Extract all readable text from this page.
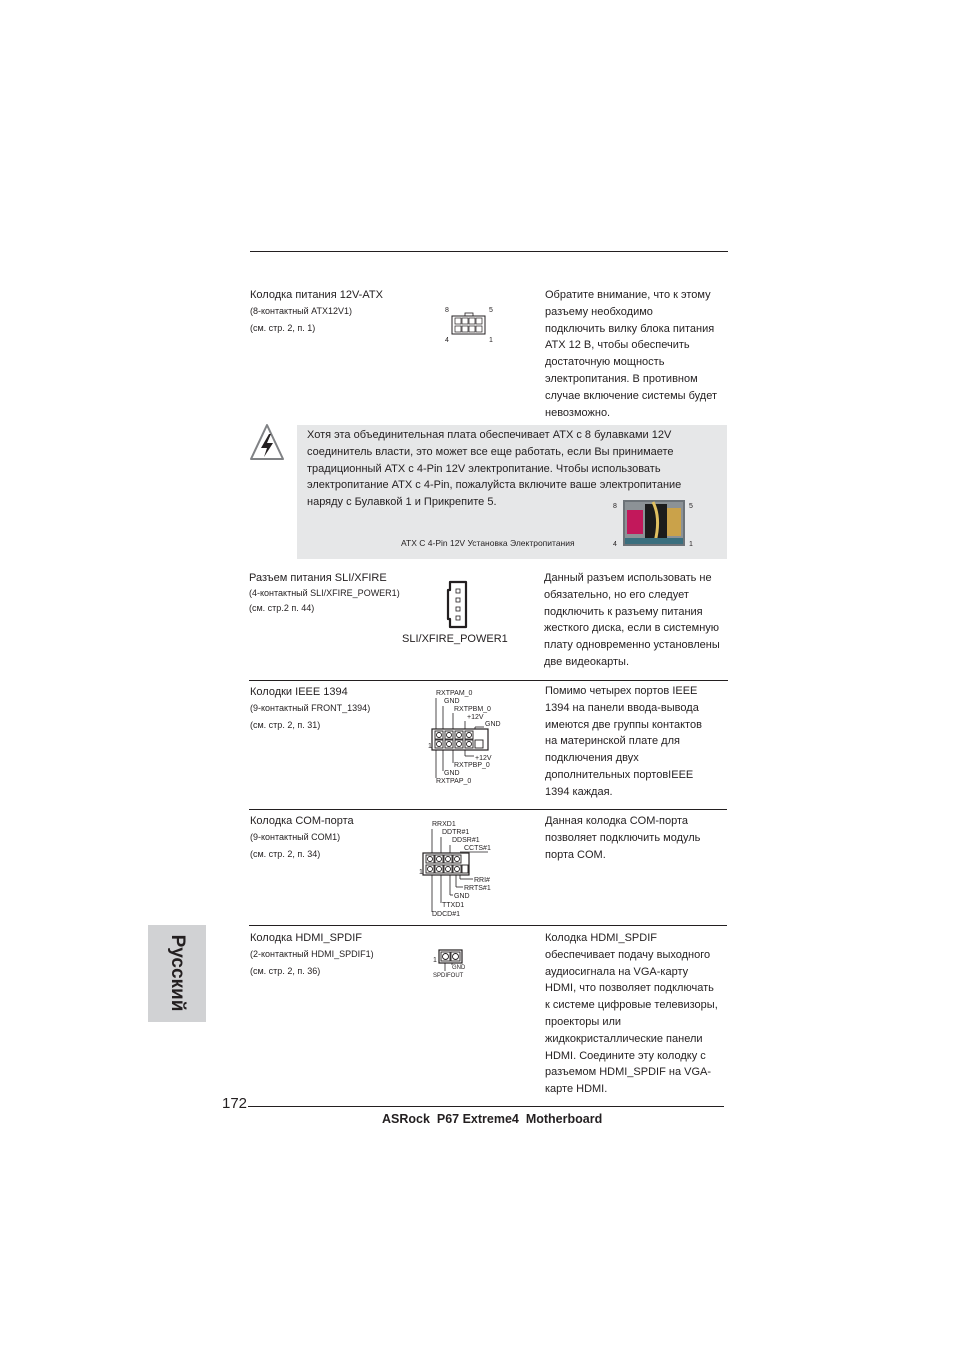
Колодка питания 12V-ATX
(8-контактный ATX12V1)
(см. стр. 2, п. 1)
8	5
4	1
Обратите внимание, что к этому
разъему необходимо
подключить вилку блока питания
ATX 12 В, чтобы обеспечить
достаточную мощность
электропитания. В противном
случае включение системы будет
невозможно.
Хотя эта объединительная плата обеспечивает ATX с 8 булавками 12V
соединитель власти, это может все еще работать, если Вы принимаете
традиционный ATX с 4-Pin 12V электропитание. Чтобы использовать
электропитание ATX с 4-Pin, пожалуйста включите ваше электропитание
наряду с Булавкой 1 и Прикрепите 5.
ATX С 4-Pin 12V Установка Электропитания
8	5
4	1
Разъем питания SLI/XFIRE
(4-контактный SLI/XFIRE_POWER1)
(см. стр.2 п. 44)
SLI/XFIRE_POWER1
Данный разъем использовать не
обязательно, но его следует
подключить к разъему питания
жесткого диска, если в системную
плату одновременно установлены
две видеокарты.
Колодки IEEE 1394
(9-контактный FRONT_1394)
(см. стр. 2, п. 31)
RXTPAM_0
GND
RXTPBM_0
+12V
GND
+12V
RXTPBP_0
GND
RXTPAP_0
1
Помимо четырех портов IEEE
1394 на панели ввода-вывода
имеются две группы контактов
на материнской плате для
подключения двух
дополнительных портовIEEE
1394 каждая.
Колодка COM-порта
(9-контактный COM1)
(см. стр. 2, п. 34)
RRXD1
DDTR#1
DDSR#1
CCTS#1
RRI#
RRTS#1
GND
TTXD1
DDCD#1
1
Данная колодка COM-порта
позволяет подключить модуль
порта COM.
Колодка HDMI_SPDIF
(2-контактный HDMI_SPDIF1)
(см. стр. 2, п. 36)
1
GND
SPDIFOUT
Колодка HDMI_SPDIF
обеспечивает подачу выходного
аудиосигнала на VGA-карту
HDMI, что позволяет подключать
к системе цифровые телевизоры,
проекторы или
жидкокристаллические панели
HDMI. Соедините эту колодку с
разъемом HDMI_SPDIF на VGA-
карте HDMI.
Русский
172
ASRock  P67 Extreme4  Motherboard
